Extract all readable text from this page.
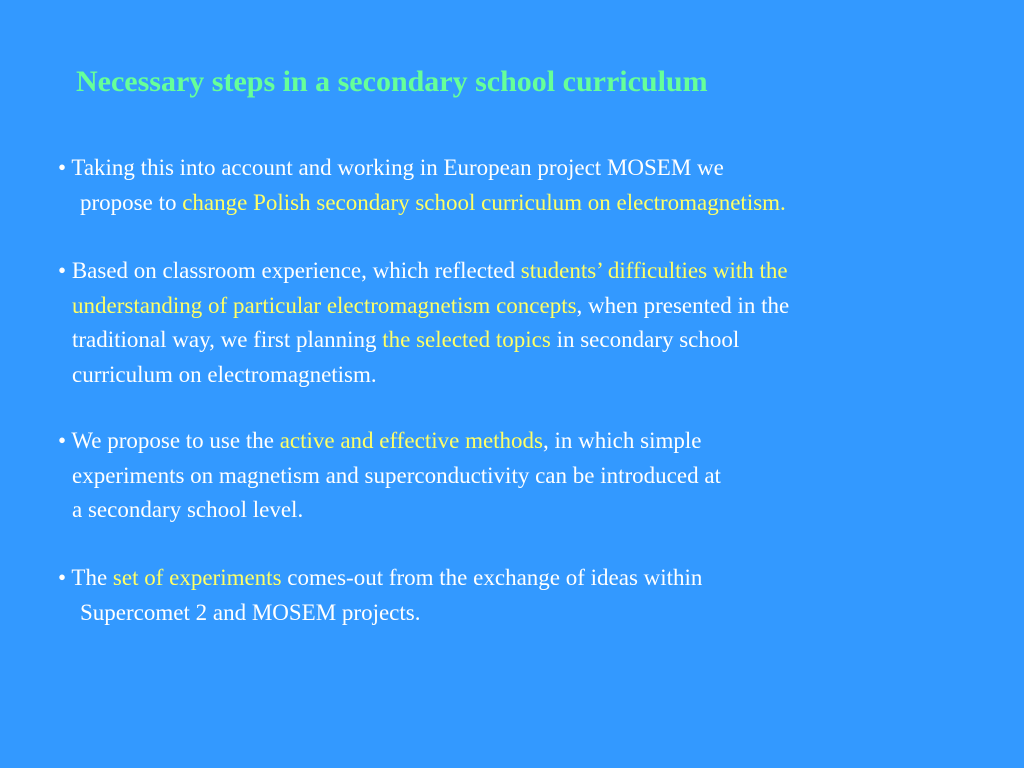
Necessary steps in a secondary school curriculum
• Taking this into account and working in European project MOSEM we
propose to change Polish secondary school curriculum on electromagnetism.
• Based on classroom experience, which reflected students’ difficulties with the
understanding of particular electromagnetism concepts, when presented in the
traditional way, we first planning the selected topics in secondary school
curriculum on electromagnetism.
• We propose to use the active and effective methods, in which simple
experiments on magnetism and superconductivity can be introduced at
a secondary school level.
• The set of experiments comes-out from the exchange of ideas within
Supercomet 2 and MOSEM projects.
